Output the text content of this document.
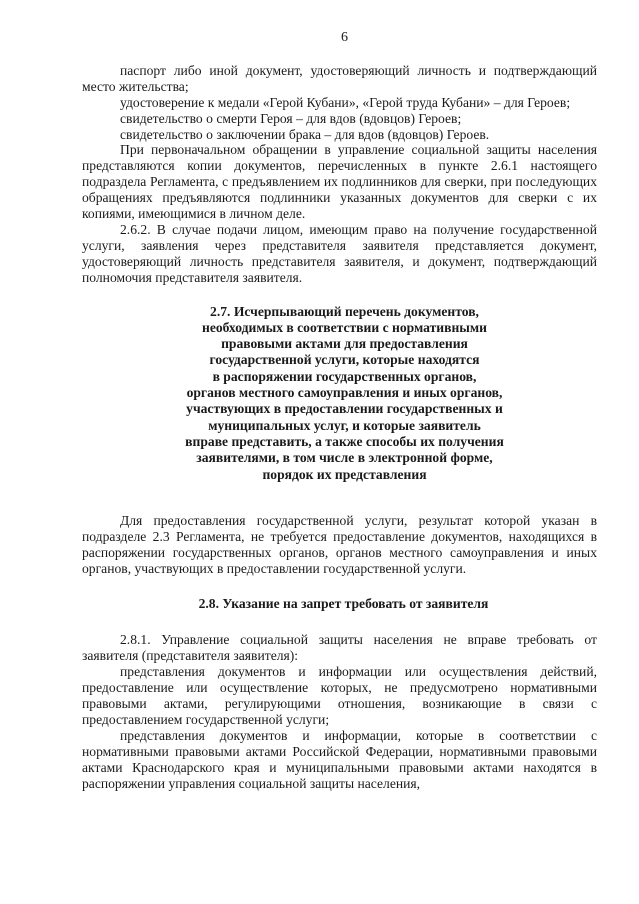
6

паспорт либо иной документ, удостоверяющий личность и подтверждающий место жительства;

удостоверение к медали «Герой Кубани», «Герой труда Кубани» – для Героев;

свидетельство о смерти Героя – для вдов (вдовцов) Героев;

свидетельство о заключении брака – для вдов (вдовцов) Героев.

При первоначальном обращении в управление социальной защиты населения представляются копии документов, перечисленных в пункте 2.6.1 настоящего подраздела Регламента, с предъявлением их подлинников для сверки, при последующих обращениях предъявляются подлинники указанных документов для сверки с их копиями, имеющимися в личном деле.

2.6.2. В случае подачи лицом, имеющим право на получение государственной услуги, заявления через представителя заявителя представляется документ, удостоверяющий личность представителя заявителя, и документ, подтверждающий полномочия представителя заявителя.

2.7. Исчерпывающий перечень документов,
необходимых в соответствии с нормативными
правовыми актами для предоставления
государственной услуги, которые находятся
в распоряжении государственных органов,
органов местного самоуправления и иных органов,
участвующих в предоставлении государственных и
муниципальных услуг, и которые заявитель
вправе представить, а также способы их получения
заявителями, в том числе в электронной форме,
порядок их представления

Для предоставления государственной услуги, результат которой указан в подразделе 2.3 Регламента, не требуется предоставление документов, находящихся в распоряжении государственных органов, органов местного самоуправления и иных органов, участвующих в предоставлении государственной услуги.

2.8. Указание на запрет требовать от заявителя

2.8.1. Управление социальной защиты населения не вправе требовать от заявителя (представителя заявителя):

представления документов и информации или осуществления действий, предоставление или осуществление которых, не предусмотрено нормативными правовыми актами, регулирующими отношения, возникающие в связи с предоставлением государственной услуги;

представления документов и информации, которые в соответствии с нормативными правовыми актами Российской Федерации, нормативными правовыми актами Краснодарского края и муниципальными правовыми актами находятся в распоряжении управления социальной защиты населения,
